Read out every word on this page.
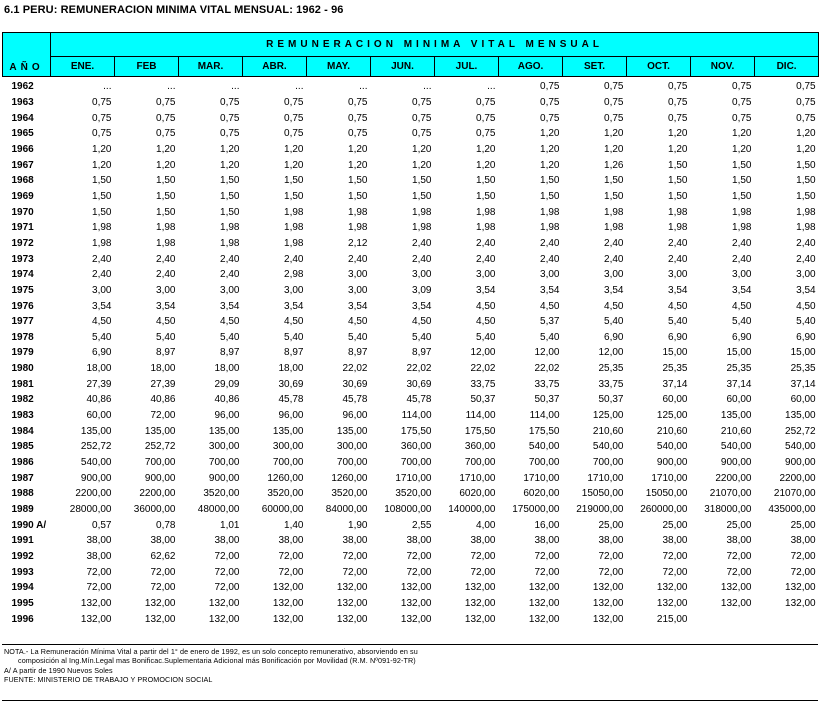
6.1 PERU: REMUNERACION MINIMA VITAL MENSUAL: 1962 - 96
AÑO	REMUNERACION MINIMA VITAL MENSUAL											
	ENE.	FEB	MAR.	ABR.	MAY.	JUN.	JUL.	AGO.	SET.	OCT.	NOV.	DIC.
1962	...	...	...	...	...	...	...	0,75	0,75	0,75	0,75	0,75
1963	0,75	0,75	0,75	0,75	0,75	0,75	0,75	0,75	0,75	0,75	0,75	0,75
1964	0,75	0,75	0,75	0,75	0,75	0,75	0,75	0,75	0,75	0,75	0,75	0,75
1965	0,75	0,75	0,75	0,75	0,75	0,75	0,75	1,20	1,20	1,20	1,20	1,20
1966	1,20	1,20	1,20	1,20	1,20	1,20	1,20	1,20	1,20	1,20	1,20	1,20
1967	1,20	1,20	1,20	1,20	1,20	1,20	1,20	1,20	1,26	1,50	1,50	1,50
1968	1,50	1,50	1,50	1,50	1,50	1,50	1,50	1,50	1,50	1,50	1,50	1,50
1969	1,50	1,50	1,50	1,50	1,50	1,50	1,50	1,50	1,50	1,50	1,50	1,50
1970	1,50	1,50	1,50	1,98	1,98	1,98	1,98	1,98	1,98	1,98	1,98	1,98
1971	1,98	1,98	1,98	1,98	1,98	1,98	1,98	1,98	1,98	1,98	1,98	1,98
1972	1,98	1,98	1,98	1,98	2,12	2,40	2,40	2,40	2,40	2,40	2,40	2,40
1973	2,40	2,40	2,40	2,40	2,40	2,40	2,40	2,40	2,40	2,40	2,40	2,40
1974	2,40	2,40	2,40	2,98	3,00	3,00	3,00	3,00	3,00	3,00	3,00	3,00
1975	3,00	3,00	3,00	3,00	3,00	3,09	3,54	3,54	3,54	3,54	3,54	3,54
1976	3,54	3,54	3,54	3,54	3,54	3,54	4,50	4,50	4,50	4,50	4,50	4,50
1977	4,50	4,50	4,50	4,50	4,50	4,50	4,50	5,37	5,40	5,40	5,40	5,40
1978	5,40	5,40	5,40	5,40	5,40	5,40	5,40	5,40	6,90	6,90	6,90	6,90
1979	6,90	8,97	8,97	8,97	8,97	8,97	12,00	12,00	12,00	15,00	15,00	15,00
1980	18,00	18,00	18,00	18,00	22,02	22,02	22,02	22,02	25,35	25,35	25,35	25,35
1981	27,39	27,39	29,09	30,69	30,69	30,69	33,75	33,75	33,75	37,14	37,14	37,14
1982	40,86	40,86	40,86	45,78	45,78	45,78	50,37	50,37	50,37	60,00	60,00	60,00
1983	60,00	72,00	96,00	96,00	96,00	114,00	114,00	114,00	125,00	125,00	135,00	135,00
1984	135,00	135,00	135,00	135,00	135,00	175,50	175,50	175,50	210,60	210,60	210,60	252,72
1985	252,72	252,72	300,00	300,00	300,00	360,00	360,00	540,00	540,00	540,00	540,00	540,00
1986	540,00	700,00	700,00	700,00	700,00	700,00	700,00	700,00	700,00	900,00	900,00	900,00
1987	900,00	900,00	900,00	1260,00	1260,00	1710,00	1710,00	1710,00	1710,00	1710,00	2200,00	2200,00
1988	2200,00	2200,00	3520,00	3520,00	3520,00	3520,00	6020,00	6020,00	15050,00	15050,00	21070,00	21070,00
1989	28000,00	36000,00	48000,00	60000,00	84000,00	108000,00	140000,00	175000,00	219000,00	260000,00	318000,00	435000,00
1990 A/	0,57	0,78	1,01	1,40	1,90	2,55	4,00	16,00	25,00	25,00	25,00	25,00
1991	38,00	38,00	38,00	38,00	38,00	38,00	38,00	38,00	38,00	38,00	38,00	38,00
1992	38,00	62,62	72,00	72,00	72,00	72,00	72,00	72,00	72,00	72,00	72,00	72,00
1993	72,00	72,00	72,00	72,00	72,00	72,00	72,00	72,00	72,00	72,00	72,00	72,00
1994	72,00	72,00	72,00	132,00	132,00	132,00	132,00	132,00	132,00	132,00	132,00	132,00
1995	132,00	132,00	132,00	132,00	132,00	132,00	132,00	132,00	132,00	132,00	132,00	132,00
1996	132,00	132,00	132,00	132,00	132,00	132,00	132,00	132,00	132,00	215,00		
NOTA.- La Remuneración Mínima Vital a partir del 1° de enero de 1992, es un solo concepto remunerativo, absorviendo en su
composición al Ing.Mín.Legal mas Bonificac.Suplementaria Adicional más Bonificación por Movilidad (R.M. Nº091-92-TR)
A/ A partir de 1990 Nuevos Soles
FUENTE: MINISTERIO DE TRABAJO Y PROMOCION SOCIAL
